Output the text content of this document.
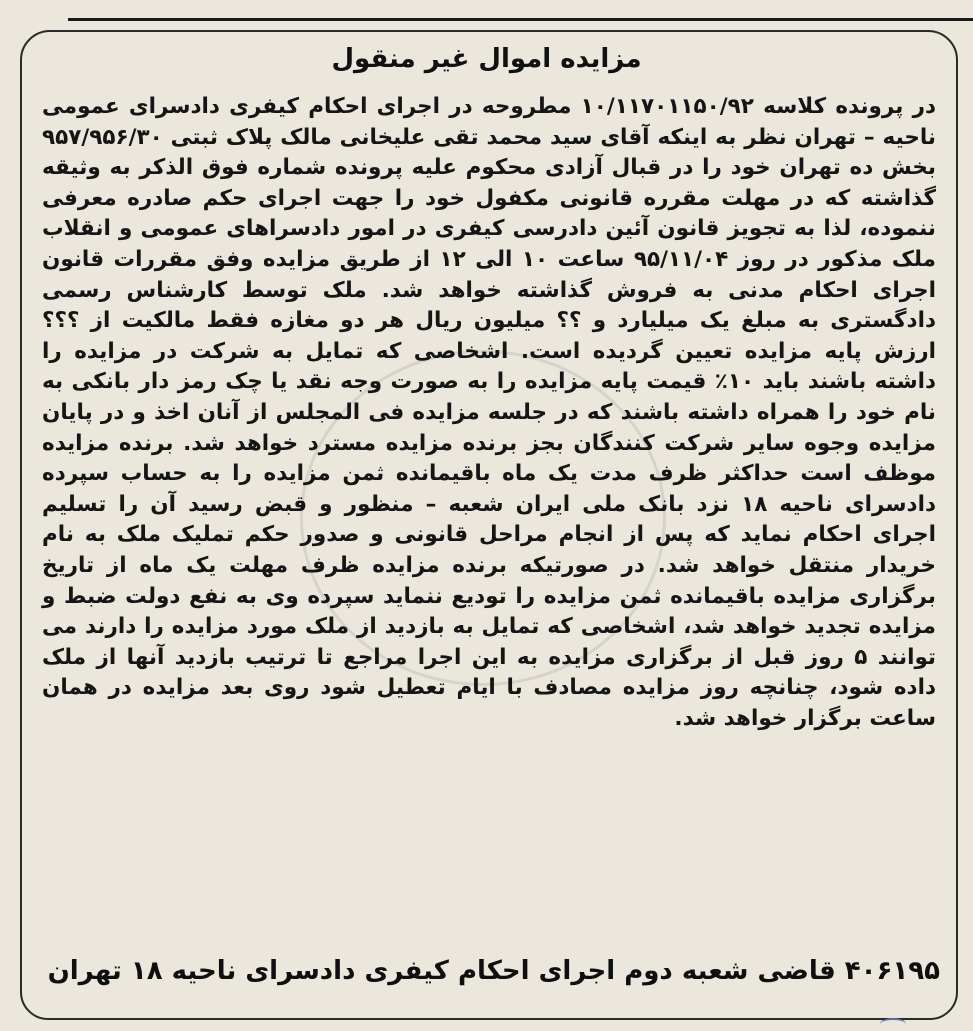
مزایده اموال غیر منقول

در پرونده کلاسه ۱۰/۱۱۷۰۱۱۵۰/۹۲ مطروحه در اجرای احکام کیفری دادسرای عمومی ناحیه – تهران نظر به اینکه آقای سید محمد تقی علیخانی مالک پلاک ثبتی ۹۵۷/۹۵۶/۳۰ بخش ده تهران خود را در قبال آزادی محکوم علیه پرونده شماره فوق الذکر به وثیقه گذاشته که در مهلت مقرره قانونی مکفول خود را جهت اجرای حکم صادره معرفی ننموده، لذا به تجویز قانون آئین دادرسی کیفری در امور دادسراهای عمومی و انقلاب ملک مذکور در روز ۹۵/۱۱/۰۴ ساعت ۱۰ الی ۱۲ از طریق مزایده وفق مقررات قانون اجرای احکام مدنی به فروش گذاشته خواهد شد. ملک توسط کارشناس رسمی دادگستری به مبلغ یک میلیارد و ؟؟ میلیون ریال هر دو مغازه فقط مالکیت از ؟؟؟ ارزش پایه مزایده تعیین گردیده است. اشخاصی که تمایل به شرکت در مزایده را داشته باشند باید ۱۰٪ قیمت پایه مزایده را به صورت وجه نقد یا چک رمز دار بانکی به نام خود را همراه داشته باشند که در جلسه مزایده فی المجلس از آنان اخذ و در پایان مزایده وجوه سایر شرکت کنندگان بجز برنده مزایده مسترد خواهد شد. برنده مزایده موظف است حداکثر ظرف مدت یک ماه باقیمانده ثمن مزایده را به حساب سپرده دادسرای ناحیه ۱۸ نزد بانک ملی ایران شعبه – منظور و قبض رسید آن را تسلیم اجرای احکام نماید که پس از انجام مراحل قانونی و صدور حکم تملیک ملک به نام خریدار منتقل خواهد شد. در صورتیکه برنده مزایده ظرف مهلت یک ماه از تاریخ برگزاری مزایده باقیمانده ثمن مزایده را تودیع ننماید سپرده وی به نفع دولت ضبط و مزایده تجدید خواهد شد، اشخاصی که تمایل به بازدید از ملک مورد مزایده را دارند می توانند ۵ روز قبل از برگزاری مزایده به این اجرا مراجع تا ترتیب بازدید آنها از ملک داده شود، چنانچه روز مزایده مصادف با ایام تعطیل شود روی بعد مزایده در همان ساعت برگزار خواهد شد.

۴۰۶۱۹۵ قاضی شعبه دوم اجرای احکام کیفری دادسرای ناحیه ۱۸ تهران
